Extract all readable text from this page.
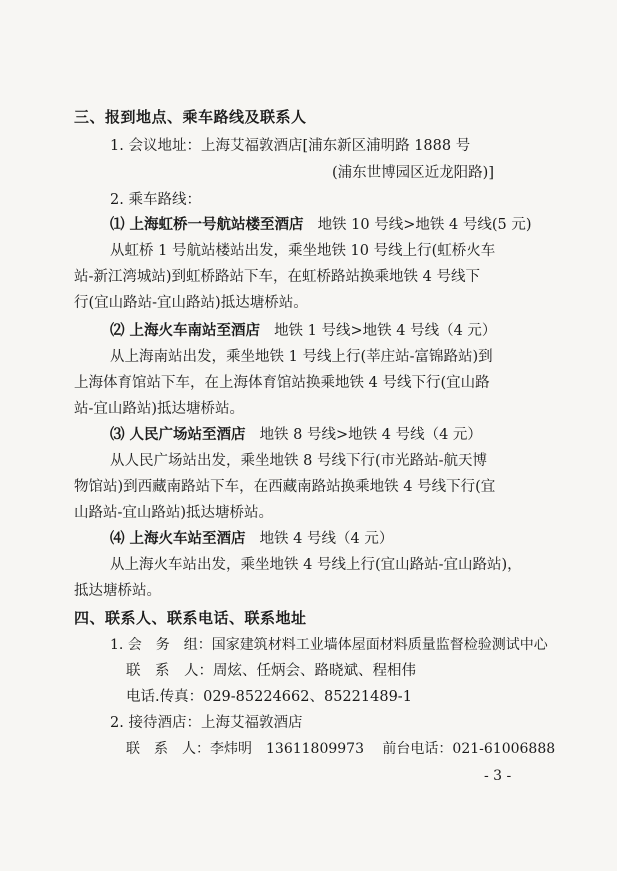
三、报到地点、乘车路线及联系人
1. 会议地址：上海艾福敦酒店[浦东新区浦明路 1888 号
(浦东世博园区近龙阳路)]
2. 乘车路线：
⑴ 上海虹桥一号航站楼至酒店 地铁 10 号线>地铁 4 号线(5 元)
从虹桥 1 号航站楼站出发，乘坐地铁 10 号线上行(虹桥火车
站-新江湾城站)到虹桥路站下车，在虹桥路站换乘地铁 4 号线下
行(宜山路站-宜山路站)抵达塘桥站。
⑵ 上海火车南站至酒店 地铁 1 号线>地铁 4 号线（4 元）
从上海南站出发，乘坐地铁 1 号线上行(莘庄站-富锦路站)到
上海体育馆站下车，在上海体育馆站换乘地铁 4 号线下行(宜山路
站-宜山路站)抵达塘桥站。
⑶ 人民广场站至酒店 地铁 8 号线>地铁 4 号线（4 元）
从人民广场站出发，乘坐地铁 8 号线下行(市光路站-航天博
物馆站)到西藏南路站下车，在西藏南路站换乘地铁 4 号线下行(宜
山路站-宜山路站)抵达塘桥站。
⑷ 上海火车站至酒店 地铁 4 号线（4 元）
从上海火车站出发，乘坐地铁 4 号线上行(宜山路站-宜山路站)，
抵达塘桥站。
四、联系人、联系电话、联系地址
1. 会　务　组：国家建筑材料工业墙体屋面材料质量监督检验测试中心
联　系　人：周炫、任炳会、路晓斌、程相伟
电话.传真：029-85224662、85221489-1
2. 接待酒店：上海艾福敦酒店
联　系　人：李炜明　13611809973　 前台电话：021-61006888
- 3 -
